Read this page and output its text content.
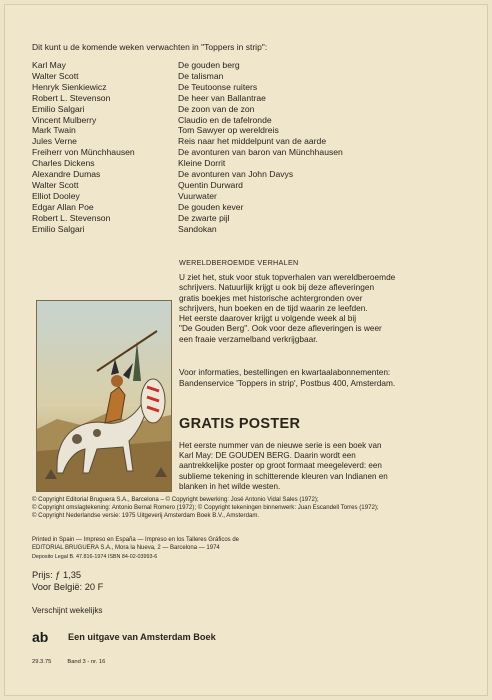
Dit kunt u de komende weken verwachten in "Toppers in strip":
Karl May	De gouden berg
Walter Scott	De talisman
Henryk Sienkiewicz	De Teutoonse ruiters
Robert L. Stevenson	De heer van Ballantrae
Emilio Salgari	De zoon van de zon
Vincent Mulberry	Claudio en de tafelronde
Mark Twain	Tom Sawyer op wereldreis
Jules Verne	Reis naar het middelpunt van de aarde
Freiherr von Münchhausen	De avonturen van baron van Münchhausen
Charles Dickens	Kleine Dorrit
Alexandre Dumas	De avonturen van John Davys
Walter Scott	Quentin Durward
Elliot Dooley	Vuurwater
Edgar Allan Poe	De gouden kever
Robert L. Stevenson	De zwarte pijl
Emilio Salgari	Sandokan
WERELDBEROEMDE VERHALEN

U ziet het, stuk voor stuk topverhalen van wereldberoemde

schrijvers. Natuurlijk krijgt u ook bij deze afleveringen

gratis boekjes met historische achtergronden over

schrijvers, hun boeken en de tijd waarin ze leefden.

Het eerste daarover krijgt u volgende week al bij

"De Gouden Berg". Ook voor deze afleveringen is weer

een fraaie verzamelband verkrijgbaar.

Voor informaties, bestellingen en kwartaalabonnementen:
Bandenservice 'Toppers in strip', Postbus 400, Amsterdam.
GRATIS POSTER
Het eerste nummer van de nieuwe serie is een boek van
Karl May: DE GOUDEN BERG. Daarin wordt een
aantrekkelijke poster op groot formaat meegeleverd: een
sublieme tekening in schitterende kleuren van Indianen en
blanken in het wilde westen.
© Copyright Editorial Bruguera S.A., Barcelona – © Copyright bewerking: José Antonio Vidal Sales (1972);
© Copyright omslagtekening: Antonio Bernal Romero (1972); © Copyright tekeningen binnenwerk: Juan Escandell Torres (1972);
© Copyright Nederlandse versie: 1975 Uitgeverij Amsterdam Boek B.V., Amsterdam.
Printed in Spain — Impreso en España — Impreso en los Talleres Gráficos de
EDITORIAL BRUGUERA S.A., Mora la Nueva, 2 — Barcelona — 1974
Deposito Legal B. 47.816-1974 ISBN 84-02-03993-6
Prijs: ƒ 1,35
Voor België: 20 F
Verschijnt wekelijks
ab Een uitgave van Amsterdam Boek
29.3.75	Band 3 - nr. 16
